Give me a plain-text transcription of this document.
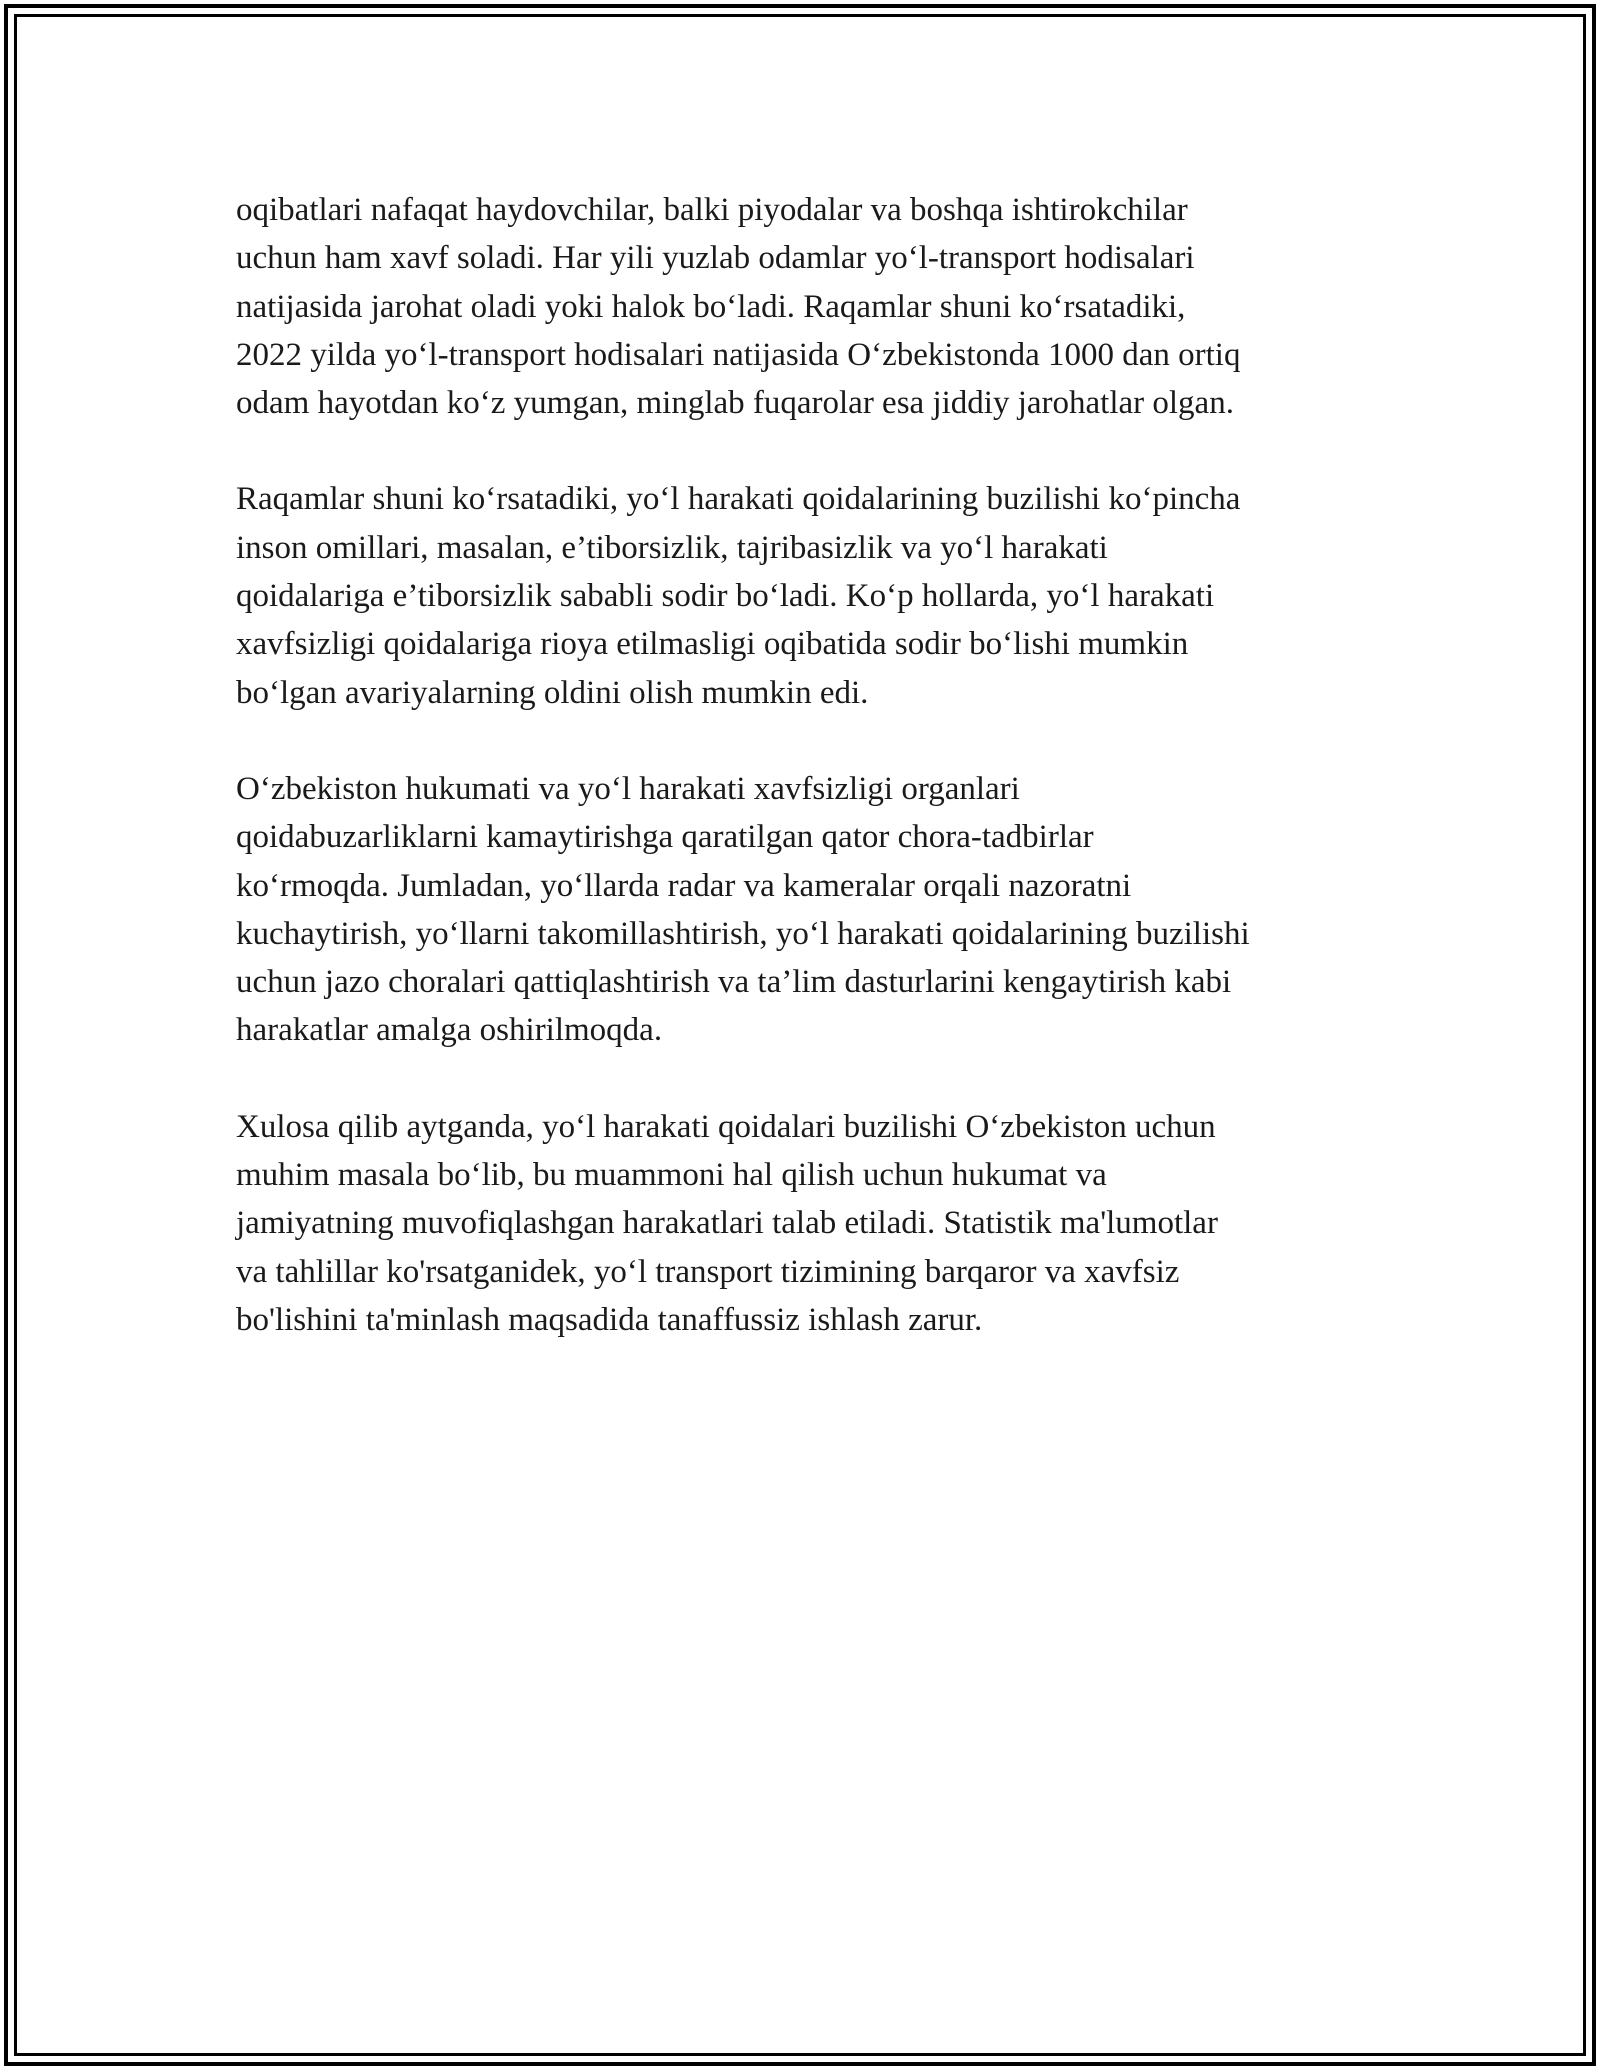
oqibatlari nafaqat haydovchilar, balki piyodalar va boshqa ishtirokchilar
uchun ham xavf soladi. Har yili yuzlab odamlar yo‘l-transport hodisalari
natijasida jarohat oladi yoki halok bo‘ladi. Raqamlar shuni ko‘rsatadiki,
2022 yilda yo‘l-transport hodisalari natijasida O‘zbekistonda 1000 dan ortiq
odam hayotdan ko‘z yumgan, minglab fuqarolar esa jiddiy jarohatlar olgan.

Raqamlar shuni ko‘rsatadiki, yo‘l harakati qoidalarining buzilishi ko‘pincha
inson omillari, masalan, e’tiborsizlik, tajribasizlik va yo‘l harakati
qoidalariga e’tiborsizlik sababli sodir bo‘ladi. Ko‘p hollarda, yo‘l harakati
xavfsizligi qoidalariga rioya etilmasligi oqibatida sodir bo‘lishi mumkin
bo‘lgan avariyalarning oldini olish mumkin edi.

O‘zbekiston hukumati va yo‘l harakati xavfsizligi organlari
qoidabuzarliklarni kamaytirishga qaratilgan qator chora-tadbirlar
ko‘rmoqda. Jumladan, yo‘llarda radar va kameralar orqali nazoratni
kuchaytirish, yo‘llarni takomillashtirish, yo‘l harakati qoidalarining buzilishi
uchun jazo choralari qattiqlashtirish va ta’lim dasturlarini kengaytirish kabi
harakatlar amalga oshirilmoqda.

Xulosa qilib aytganda, yo‘l harakati qoidalari buzilishi O‘zbekiston uchun
muhim masala bo‘lib, bu muammoni hal qilish uchun hukumat va
jamiyatning muvofiqlashgan harakatlari talab etiladi. Statistik ma'lumotlar
va tahlillar ko'rsatganidek, yo‘l transport tizimining barqaror va xavfsiz
bo'lishini ta'minlash maqsadida tanaffussiz ishlash zarur.
